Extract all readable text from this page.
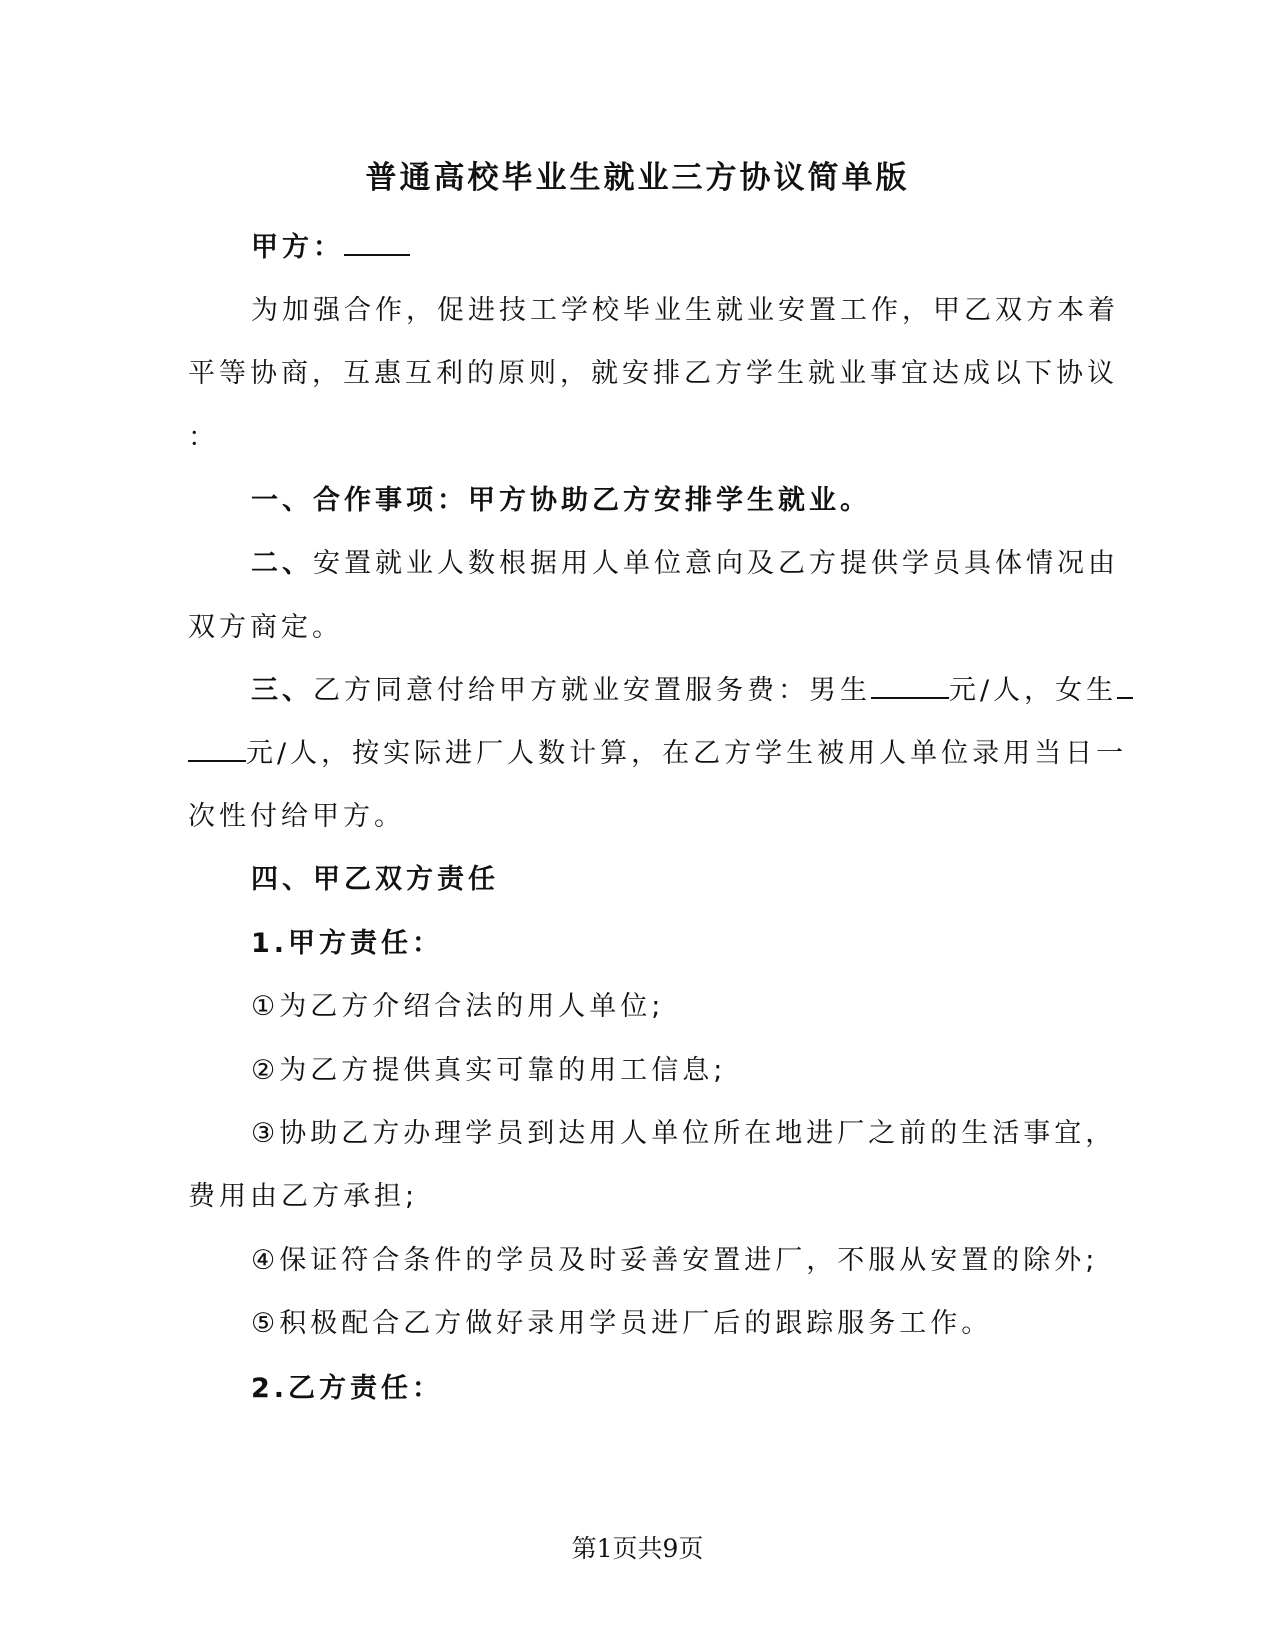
普通高校毕业生就业三方协议简单版
甲方：
为加强合作，促进技工学校毕业生就业安置工作，甲乙双方本着
平等协商，互惠互利的原则，就安排乙方学生就业事宜达成以下协议
：
一、合作事项：甲方协助乙方安排学生就业。
二、安置就业人数根据用人单位意向及乙方提供学员具体情况由
双方商定。
三、乙方同意付给甲方就业安置服务费：男生	元/人，女生
元/人，按实际进厂人数计算，在乙方学生被用人单位录用当日一
次性付给甲方。
四、甲乙双方责任
1.甲方责任：
①为乙方介绍合法的用人单位;
②为乙方提供真实可靠的用工信息;
③协助乙方办理学员到达用人单位所在地进厂之前的生活事宜，
费用由乙方承担;
④保证符合条件的学员及时妥善安置进厂，不服从安置的除外;
⑤积极配合乙方做好录用学员进厂后的跟踪服务工作。
2.乙方责任：
第1页共9页
